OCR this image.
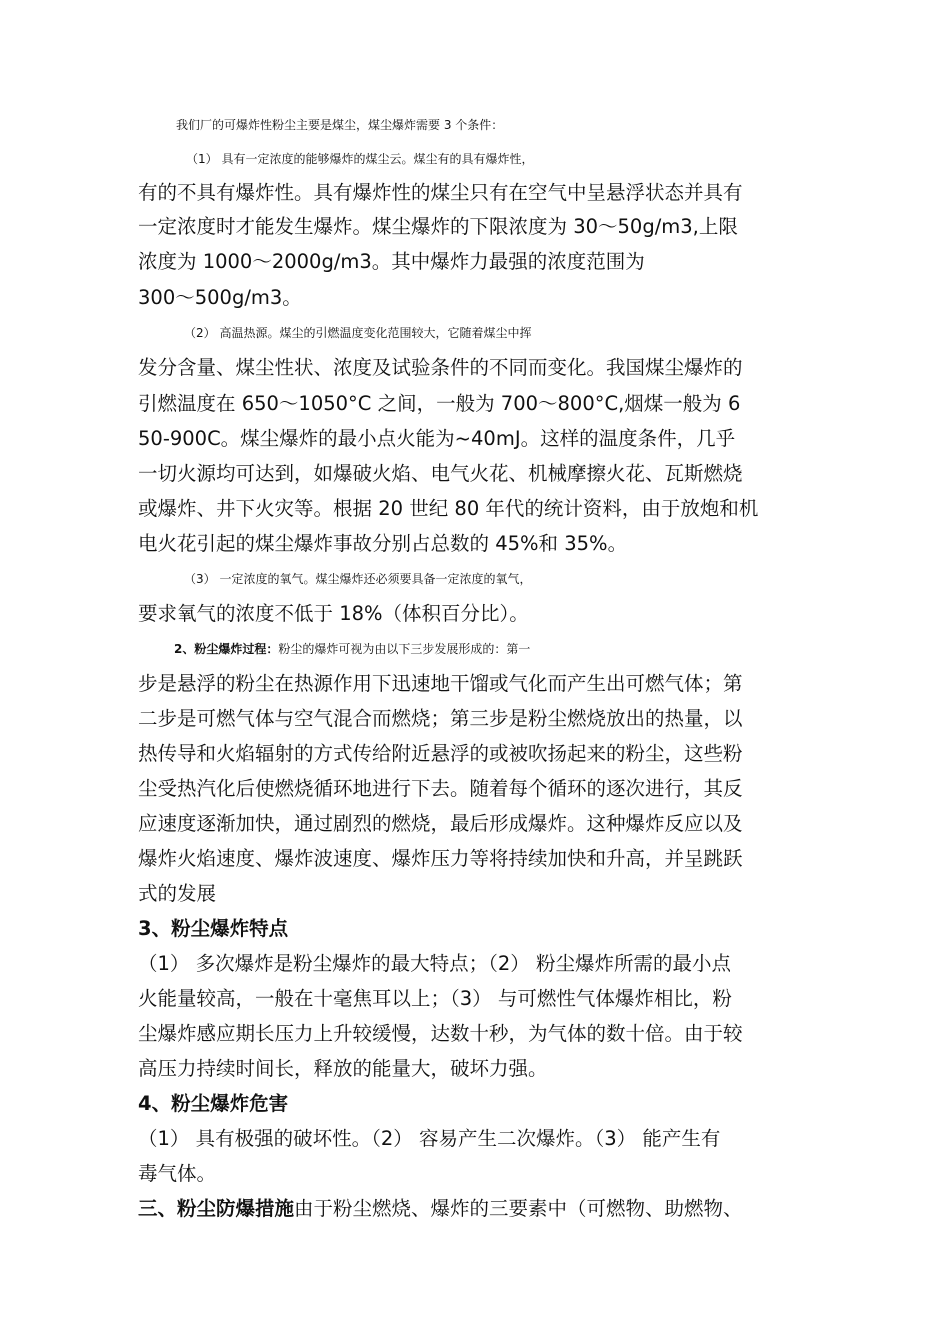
我们厂的可爆炸性粉尘主要是煤尘，煤尘爆炸需要 3 个条件：
（1） 具有一定浓度的能够爆炸的煤尘云。煤尘有的具有爆炸性，
有的不具有爆炸性。具有爆炸性的煤尘只有在空气中呈悬浮状态并具有
一定浓度时才能发生爆炸。煤尘爆炸的下限浓度为 30～50g/m3,上限
浓度为 1000～2000g/m3。其中爆炸力最强的浓度范围为
300～500g/m3。
（2） 高温热源。煤尘的引燃温度变化范围较大，它随着煤尘中挥
发分含量、煤尘性状、浓度及试验条件的不同而变化。我国煤尘爆炸的
引燃温度在 650～1050°C 之间，一般为 700～800°C,烟煤一般为 6
50-900C。煤尘爆炸的最小点火能为~40mJ。这样的温度条件，几乎
一切火源均可达到，如爆破火焰、电气火花、机械摩擦火花、瓦斯燃烧
或爆炸、井下火灾等。根据 20 世纪 80 年代的统计资料，由于放炮和机
电火花引起的煤尘爆炸事故分别占总数的 45%和 35%。
（3） 一定浓度的氧气。煤尘爆炸还必须要具备一定浓度的氧气，
要求氧气的浓度不低于 18%（体积百分比）。
2、粉尘爆炸过程：粉尘的爆炸可视为由以下三步发展形成的：第一
步是悬浮的粉尘在热源作用下迅速地干馏或气化而产生出可燃气体；第
二步是可燃气体与空气混合而燃烧；第三步是粉尘燃烧放出的热量，以
热传导和火焰辐射的方式传给附近悬浮的或被吹扬起来的粉尘，这些粉
尘受热汽化后使燃烧循环地进行下去。随着每个循环的逐次进行，其反
应速度逐渐加快，通过剧烈的燃烧，最后形成爆炸。这种爆炸反应以及
爆炸火焰速度、爆炸波速度、爆炸压力等将持续加快和升高，并呈跳跃
式的发展
3、粉尘爆炸特点
（1） 多次爆炸是粉尘爆炸的最大特点；（2） 粉尘爆炸所需的最小点
火能量较高，一般在十毫焦耳以上；（3） 与可燃性气体爆炸相比，粉
尘爆炸感应期长压力上升较缓慢，达数十秒，为气体的数十倍。由于较
高压力持续时间长，释放的能量大，破坏力强。
4、粉尘爆炸危害
（1） 具有极强的破坏性。（2） 容易产生二次爆炸。（3） 能产生有
毒气体。
三、粉尘防爆措施由于粉尘燃烧、爆炸的三要素中（可燃物、助燃物、
